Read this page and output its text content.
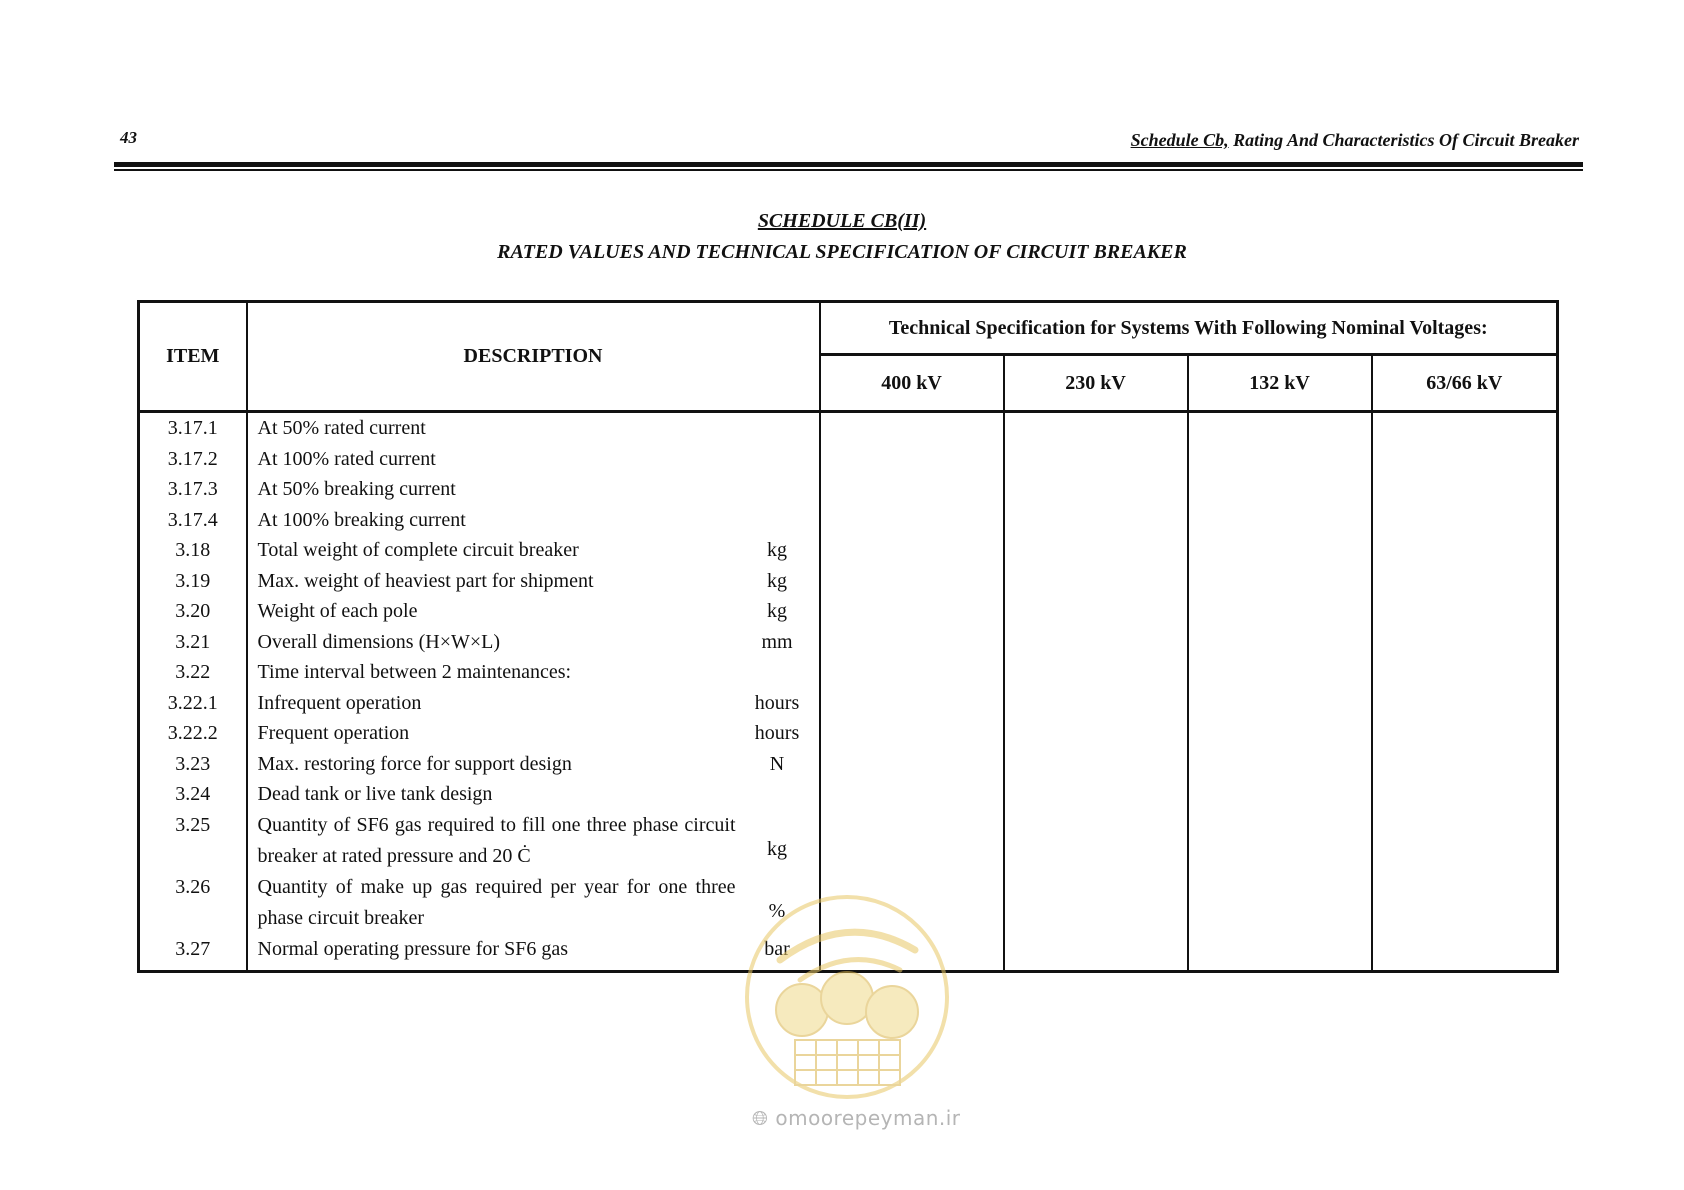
43	Schedule Cb, Rating And Characteristics Of Circuit Breaker
SCHEDULE CB(II)
RATED VALUES AND TECHNICAL SPECIFICATION OF CIRCUIT BREAKER
ITEM	DESCRIPTION		Technical Specification for Systems With Following Nominal Voltages:			
			400 kV	230 kV	132 kV	63/66 kV
3.17.1	At 50% rated current					
3.17.2	At 100% rated current					
3.17.3	At 50% breaking current					
3.17.4	At 100% breaking current					
3.18	Total weight of complete circuit breaker	kg				
3.19	Max. weight of heaviest part for shipment	kg				
3.20	Weight of each pole	kg				
3.21	Overall dimensions (H×W×L)	mm				
3.22	Time interval between 2 maintenances:					
3.22.1	Infrequent operation	hours				
3.22.2	Frequent operation	hours				
3.23	Max. restoring force for support design	N				
3.24	Dead tank or live tank design					
3.25	Quantity of SF6 gas required to fill one three phase circuit breaker at rated pressure and 20 Ċ	kg				
3.26	Quantity of make up gas required per year for one three phase circuit breaker	%				
3.27	Normal operating pressure for SF6 gas	bar				
🌐︎ omoorepeyman.ir
